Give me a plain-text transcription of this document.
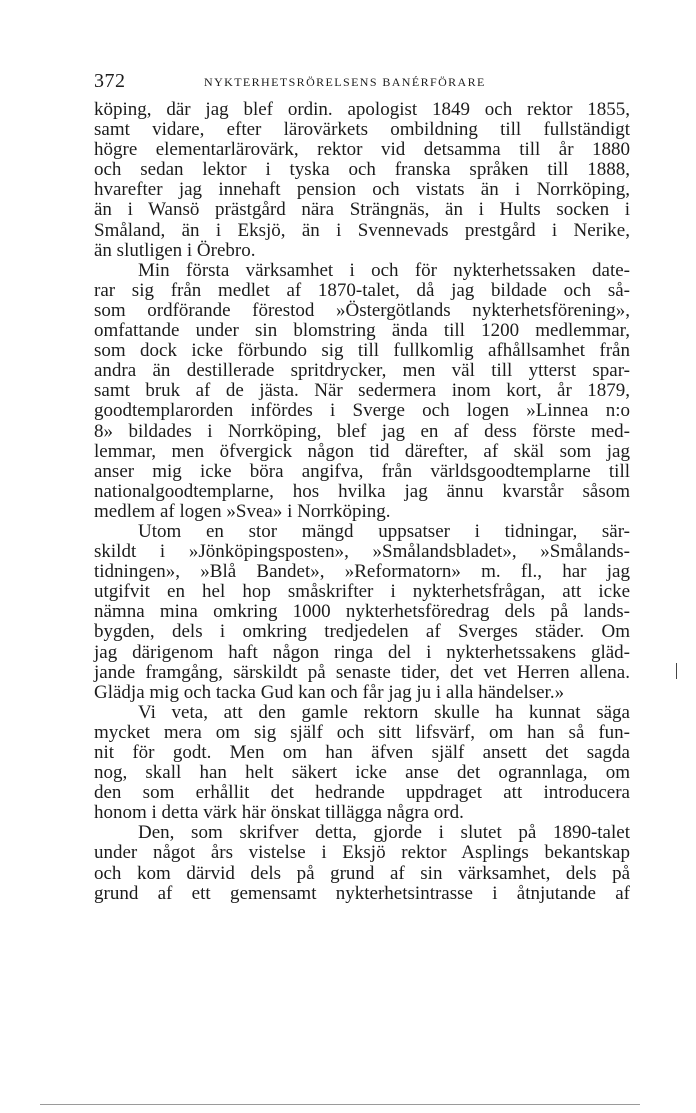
372	NYKTERHETSRÖRELSENS BANÉRFÖRARE
köping, där jag blef ordin. apologist 1849 och rektor 1855,
samt vidare, efter lärovärkets ombildning till fullständigt
högre elementarlärovärk, rektor vid detsamma till år 1880
och sedan lektor i tyska och franska språken till 1888,
hvarefter jag innehaft pension och vistats än i Norrköping,
än i Wansö prästgård nära Strängnäs, än i Hults socken i
Småland, än i Eksjö, än i Svennevads prestgård i Nerike,
än slutligen i Örebro.
Min första värksamhet i och för nykterhetssaken date-
rar sig från medlet af 1870-talet, då jag bildade och så-
som ordförande förestod »Östergötlands nykterhetsförening»,
omfattande under sin blomstring ända till 1200 medlemmar,
som dock icke förbundo sig till fullkomlig afhållsamhet från
andra än destillerade spritdrycker, men väl till ytterst spar-
samt bruk af de jästa. När sedermera inom kort, år 1879,
goodtemplarorden infördes i Sverge och logen »Linnea n:o
8» bildades i Norrköping, blef jag en af dess förste med-
lemmar, men öfvergick någon tid därefter, af skäl som jag
anser mig icke böra angifva, från världsgoodtemplarne till
nationalgoodtemplarne, hos hvilka jag ännu kvarstår såsom
medlem af logen »Svea» i Norrköping.
Utom en stor mängd uppsatser i tidningar, sär-
skildt i »Jönköpingsposten», »Smålandsbladet», »Smålands-
tidningen», »Blå Bandet», »Reformatorn» m. fl., har jag
utgifvit en hel hop småskrifter i nykterhetsfrågan, att icke
nämna mina omkring 1000 nykterhetsföredrag dels på lands-
bygden, dels i omkring tredjedelen af Sverges städer. Om
jag därigenom haft någon ringa del i nykterhetssakens gläd-
jande framgång, särskildt på senaste tider, det vet Herren allena.
Glädja mig och tacka Gud kan och får jag ju i alla händelser.»
Vi veta, att den gamle rektorn skulle ha kunnat säga
mycket mera om sig själf och sitt lifsvärf, om han så fun-
nit för godt. Men om han äfven själf ansett det sagda
nog, skall han helt säkert icke anse det ogrannlaga, om
den som erhållit det hedrande uppdraget att introducera
honom i detta värk här önskat tillägga några ord.
Den, som skrifver detta, gjorde i slutet på 1890-talet
under något års vistelse i Eksjö rektor Asplings bekantskap
och kom därvid dels på grund af sin värksamhet, dels på
grund af ett gemensamt nykterhetsintrasse i åtnjutande af
